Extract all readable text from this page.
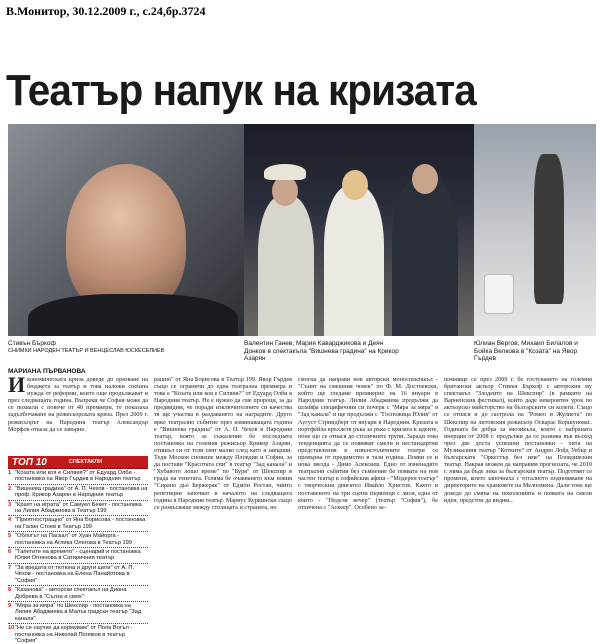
В.Монитор, 30.12.2009 г., с.24,бр.3724
Театър напук на кризата
Стивън Бъркоф
СНИМКИ НАРОДЕН ТЕАТЪР И ВЕНЦЕСЛАВ ЮСКЕСЕЛИЕВ
Валентин Ганев, Мария Каварджикова и Деян Донков в спектакъла "Вишнева градина" на Крикор Азарян
Юлиан Вергов, Михаил Билалов и Бойка Велкова в "Козата" на Явор Гърдев
МАРИАНА ПЪРВАНОВА
И кономическата криза доведе до орязване на бюджета за театър и това наложи спешна нужда от реформи, които още продължават и през следващата година. Въпреки че София може да се похвали с повече от 40 премиери, те показаха задълбочаване на режисьорската криза. През 2009 г. режисьорът на Народния театър Александър Морфов отказа да се завърне.
рашно" от Яна Борисова в Театър 199. Явор Гърдев също се ограничи до една театрална премиера и това е "Козата или коя е Силвия?" от Едуард Олби в Народния театър. Не е нужно да сме пророци, за да предвидим, че поради изключителните си качества тя ще участва в раздаването на наградите. Друго ярко театрално събитие през изминаващата година е "Вишнева градина" от А. П. Чехов в Народния театър, която за съжаление бе последната постановка на големия режисьор Крикор Азарян, отишъл си от този свят малко след като я завърши. Теди Москов сновеше между Пловдив и София, за да постави "Красотата спи" в театър "Зад канала" и "Хубавото лошо време" по "Буря" от Шекспир в града на тепетата. Голяма бе очакването към новия "Сирано дьо Бержерак" от Едмон Ростан, чиито репетиции започват в началото на следващата година в Народния театър. Мариус Куркински също се разкъсваше между столицата и страната, но
смогна да направи нов авторски моноспектакъл - "Сънят на смешния човек" по Ф. М. Достоевски, който ще гледаме премиерно на 16 януари в Народния театър. Лилия Абаджиева продължи да шлайфа специфичния си почерк с "Мяра за мяра" в "Зад канала" и ще продължи с "Госпожица Юлия" от Аугуст Стриндберг от януари в Народния. Кризата в портфейла връхлетя ръка за ръка с кризата в идеите, поне що се отнася до столичните трупи. Заради това тенденцията да се появяват смели и нестандартни представления в извънстоличните театри се превърна от предимство в тази година. Появи се и нова звезда - Димо Алексиев. Едно от изненадите театрални събития без съмнение бе появата на нов частен театър в софийския афиш - "Модерен театър" с творческия двигател Ивайло Христов. Както и поставеното на три сцени първенци с лиси, една от които - "Неделя вечер" (театър "София"), бе отличена с "Аскеер". Особено за-
помняще се през 2009 г. бе гостуването на големия британски актьор Стивън Бъркоф с авторския му спектакъл "Злодеите на Шекспир" (в рамките на Варненския фестивал), който даде невероятен урок по актьорско майсторство на българските си колеги. Също се отнася и до гастрола на "Ромео и Жулиета" по Шекспир на литовския режисьор Оскарас Коршуновас. Годината бе добра за мюзикъла, които с набраната инерция от 2008 г. продължи да се развива във възход чрез две доста успешни постановки - хита на Музикалния театър "Котките" от Андрю Лойд Уебър и българската "Оркестър без име" на Пловдивския театър. Накрая можем да направим прогнозата, че 2010 г. няма да бъде лека за българския театър. Подготвят се промени, които започнаха с тоталното подновяване на директорите на храмовете на Мелпомена. Дали това ще доведе до смяна на поколенията и появата на смели идеи, предстои да видим...
ТОП 10	СПЕКТАКЛИ
1 "Козата или коя е Силвия?" от Едуард Олби - постановка на Явор Гърдев в Народния театър
2 "Вишнева градина" от А. П. Чехов - постановка на проф. Крикор Азарян в Народния театър
3 "Краят на играта" от Самуел Бекет - постановка на Лилия Абаджиева в Театър 199
4 "Приятностращно" от Яна Борисова - постановка на Галин Стоев в Театър 199
5 "Облогът на Паскал" от Хуан Майорга - постановка на Аглика Олегова в Театър 199
6 "Тапетите на времето" - сценарий и постановка Юлия Огнянова в Сатиричния театър
7 "За вредата от тютюна и други шеги" от А. П. Чехов - постановка на Елена Панайотова в "София"
8 "Казанова" - авторски спектакъл на Диана Добрева в "Сълза и смях"
9 "Мяра за мяра" по Шекспир - постановка на Лилия Абаджиева в Малък градски театър "Зад канала"
10 "Не се научих да кормувам" от Пола Вогъл - постановка на Николай Поляков в театър "София"
